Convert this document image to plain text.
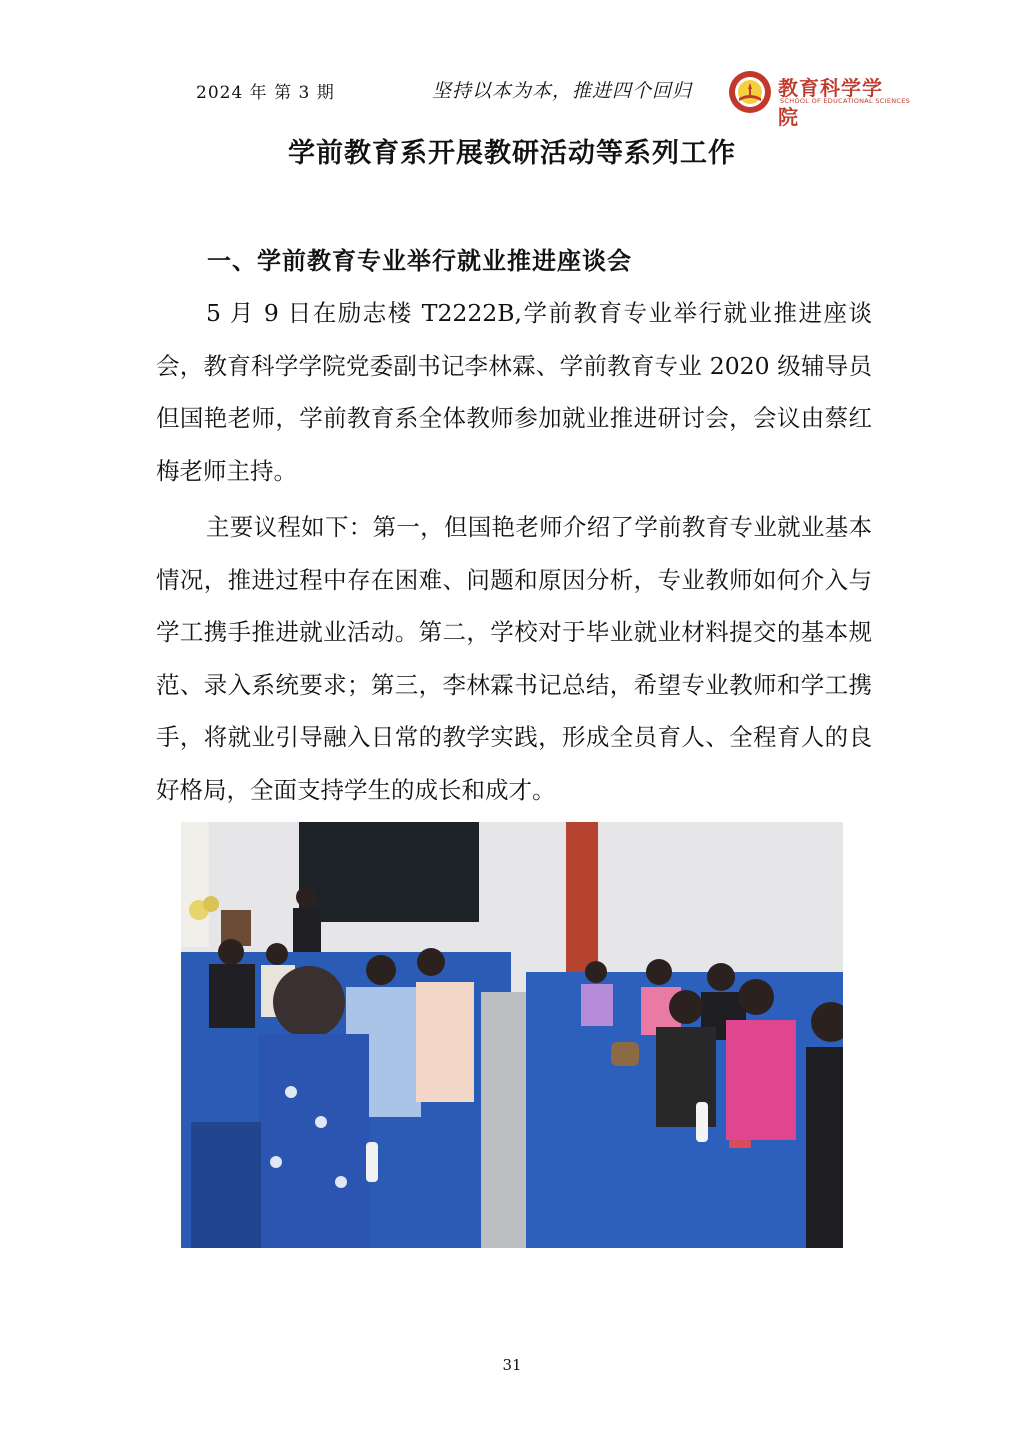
2024 年 第 3 期	坚持以本为本，推进四个回归	教育科学学院
SCHOOL OF EDUCATIONAL SCIENCES
学前教育系开展教研活动等系列工作
一、学前教育专业举行就业推进座谈会

5 月 9 日在励志楼 T2222B,学前教育专业举行就业推进座谈会，教育科学学院党委副书记李林霖、学前教育专业 2020 级辅导员但国艳老师，学前教育系全体教师参加就业推进研讨会，会议由蔡红梅老师主持。

主要议程如下：第一，但国艳老师介绍了学前教育专业就业基本情况，推进过程中存在困难、问题和原因分析，专业教师如何介入与学工携手推进就业活动。第二，学校对于毕业就业材料提交的基本规范、录入系统要求；第三，李林霖书记总结，希望专业教师和学工携手，将就业引导融入日常的教学实践，形成全员育人、全程育人的良好格局，全面支持学生的成长和成才。

31
